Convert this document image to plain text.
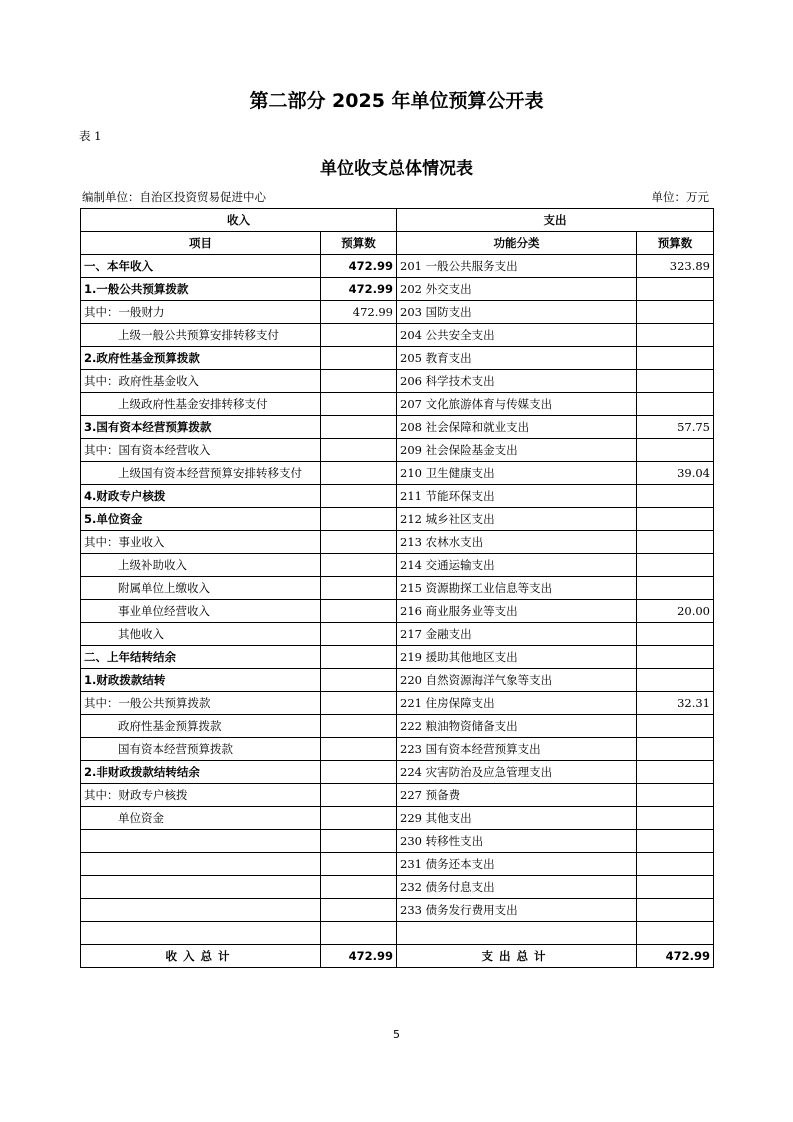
第二部分 2025 年单位预算公开表
表 1
单位收支总体情况表
编制单位：自治区投资贸易促进中心	单位：万元
收入		支出	
项目	预算数	功能分类	预算数
一、本年收入	472.99	201 一般公共服务支出	323.89
1.一般公共预算拨款	472.99	202 外交支出	
其中：一般财力	472.99	203 国防支出	
上级一般公共预算安排转移支付		204 公共安全支出	
2.政府性基金预算拨款		205 教育支出	
其中：政府性基金收入		206 科学技术支出	
上级政府性基金安排转移支付		207 文化旅游体育与传媒支出	
3.国有资本经营预算拨款		208 社会保障和就业支出	57.75
其中：国有资本经营收入		209 社会保险基金支出	
上级国有资本经营预算安排转移支付		210 卫生健康支出	39.04
4.财政专户核拨		211 节能环保支出	
5.单位资金		212 城乡社区支出	
其中：事业收入		213 农林水支出	
上级补助收入		214 交通运输支出	
附属单位上缴收入		215 资源勘探工业信息等支出	
事业单位经营收入		216 商业服务业等支出	20.00
其他收入		217 金融支出	
二、上年结转结余		219 援助其他地区支出	
1.财政拨款结转		220 自然资源海洋气象等支出	
其中：一般公共预算拨款		221 住房保障支出	32.31
政府性基金预算拨款		222 粮油物资储备支出	
国有资本经营预算拨款		223 国有资本经营预算支出	
2.非财政拨款结转结余		224 灾害防治及应急管理支出	
其中：财政专户核拨		227 预备费	
单位资金		229 其他支出	
		230 转移性支出	
		231 债务还本支出	
		232 债务付息支出	
		233 债务发行费用支出	

收入总计	472.99	支出总计	472.99
5
